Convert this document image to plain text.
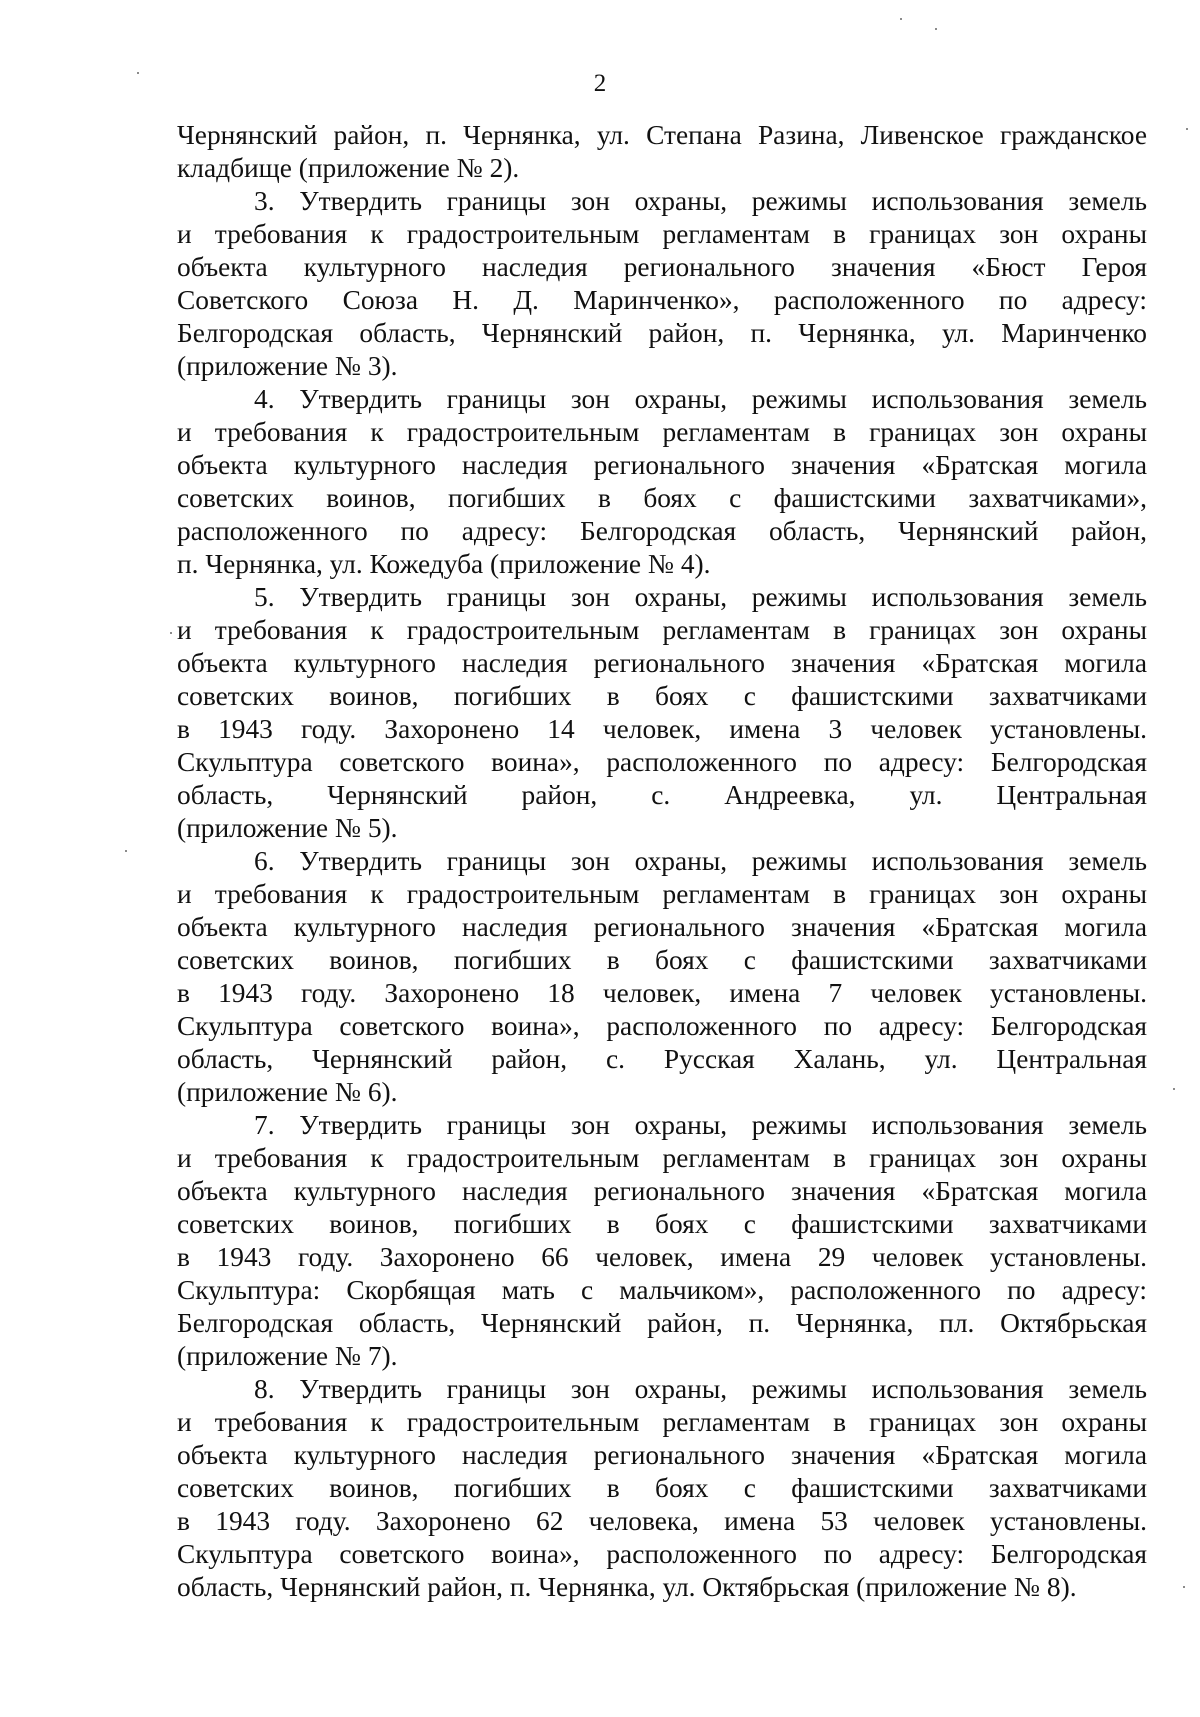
2
Чернянский район, п. Чернянка, ул. Степана Разина, Ливенское гражданское
кладбище (приложение № 2).
3. Утвердить границы зон охраны, режимы использования земель
и требования к градостроительным регламентам в границах зон охраны
объекта культурного наследия регионального значения «Бюст Героя
Советского Союза Н. Д. Маринченко», расположенного по адресу:
Белгородская область, Чернянский район, п. Чернянка, ул. Маринченко
(приложение № 3).
4. Утвердить границы зон охраны, режимы использования земель
и требования к градостроительным регламентам в границах зон охраны
объекта культурного наследия регионального значения «Братская могила
советских воинов, погибших в боях с фашистскими захватчиками»,
расположенного по адресу: Белгородская область, Чернянский район,
п. Чернянка, ул. Кожедуба (приложение № 4).
5. Утвердить границы зон охраны, режимы использования земель
и требования к градостроительным регламентам в границах зон охраны
объекта культурного наследия регионального значения «Братская могила
советских воинов, погибших в боях с фашистскими захватчиками
в 1943 году. Захоронено 14 человек, имена 3 человек установлены.
Скульптура советского воина», расположенного по адресу: Белгородская
область, Чернянский район, с. Андреевка, ул. Центральная
(приложение № 5).
6. Утвердить границы зон охраны, режимы использования земель
и требования к градостроительным регламентам в границах зон охраны
объекта культурного наследия регионального значения «Братская могила
советских воинов, погибших в боях с фашистскими захватчиками
в 1943 году. Захоронено 18 человек, имена 7 человек установлены.
Скульптура советского воина», расположенного по адресу: Белгородская
область, Чернянский район, с. Русская Халань, ул. Центральная
(приложение № 6).
7. Утвердить границы зон охраны, режимы использования земель
и требования к градостроительным регламентам в границах зон охраны
объекта культурного наследия регионального значения «Братская могила
советских воинов, погибших в боях с фашистскими захватчиками
в 1943 году. Захоронено 66 человек, имена 29 человек установлены.
Скульптура: Скорбящая мать с мальчиком», расположенного по адресу:
Белгородская область, Чернянский район, п. Чернянка, пл. Октябрьская
(приложение № 7).
8. Утвердить границы зон охраны, режимы использования земель
и требования к градостроительным регламентам в границах зон охраны
объекта культурного наследия регионального значения «Братская могила
советских воинов, погибших в боях с фашистскими захватчиками
в 1943 году. Захоронено 62 человека, имена 53 человек установлены.
Скульптура советского воина», расположенного по адресу: Белгородская
область, Чернянский район, п. Чернянка, ул. Октябрьская (приложение № 8).
